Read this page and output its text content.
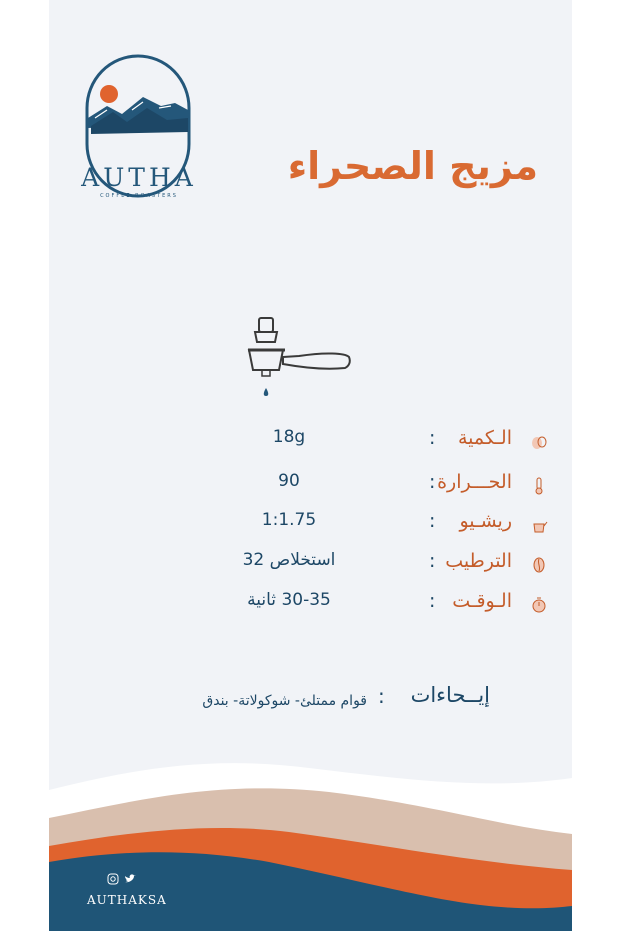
AUTHA
COFFEE ROASTERS
مزيج الصحراء
الـكمية
:
18g
الحـــرارة
:
90
ريشـيو
:
1:1.75
الترطيب
:
استخلاص 32
الـوقـت
:
30-35 ثانية
إيــحاءات
:
قوام ممتلئ- شوكولاتة- بندق
AUTHAKSA
